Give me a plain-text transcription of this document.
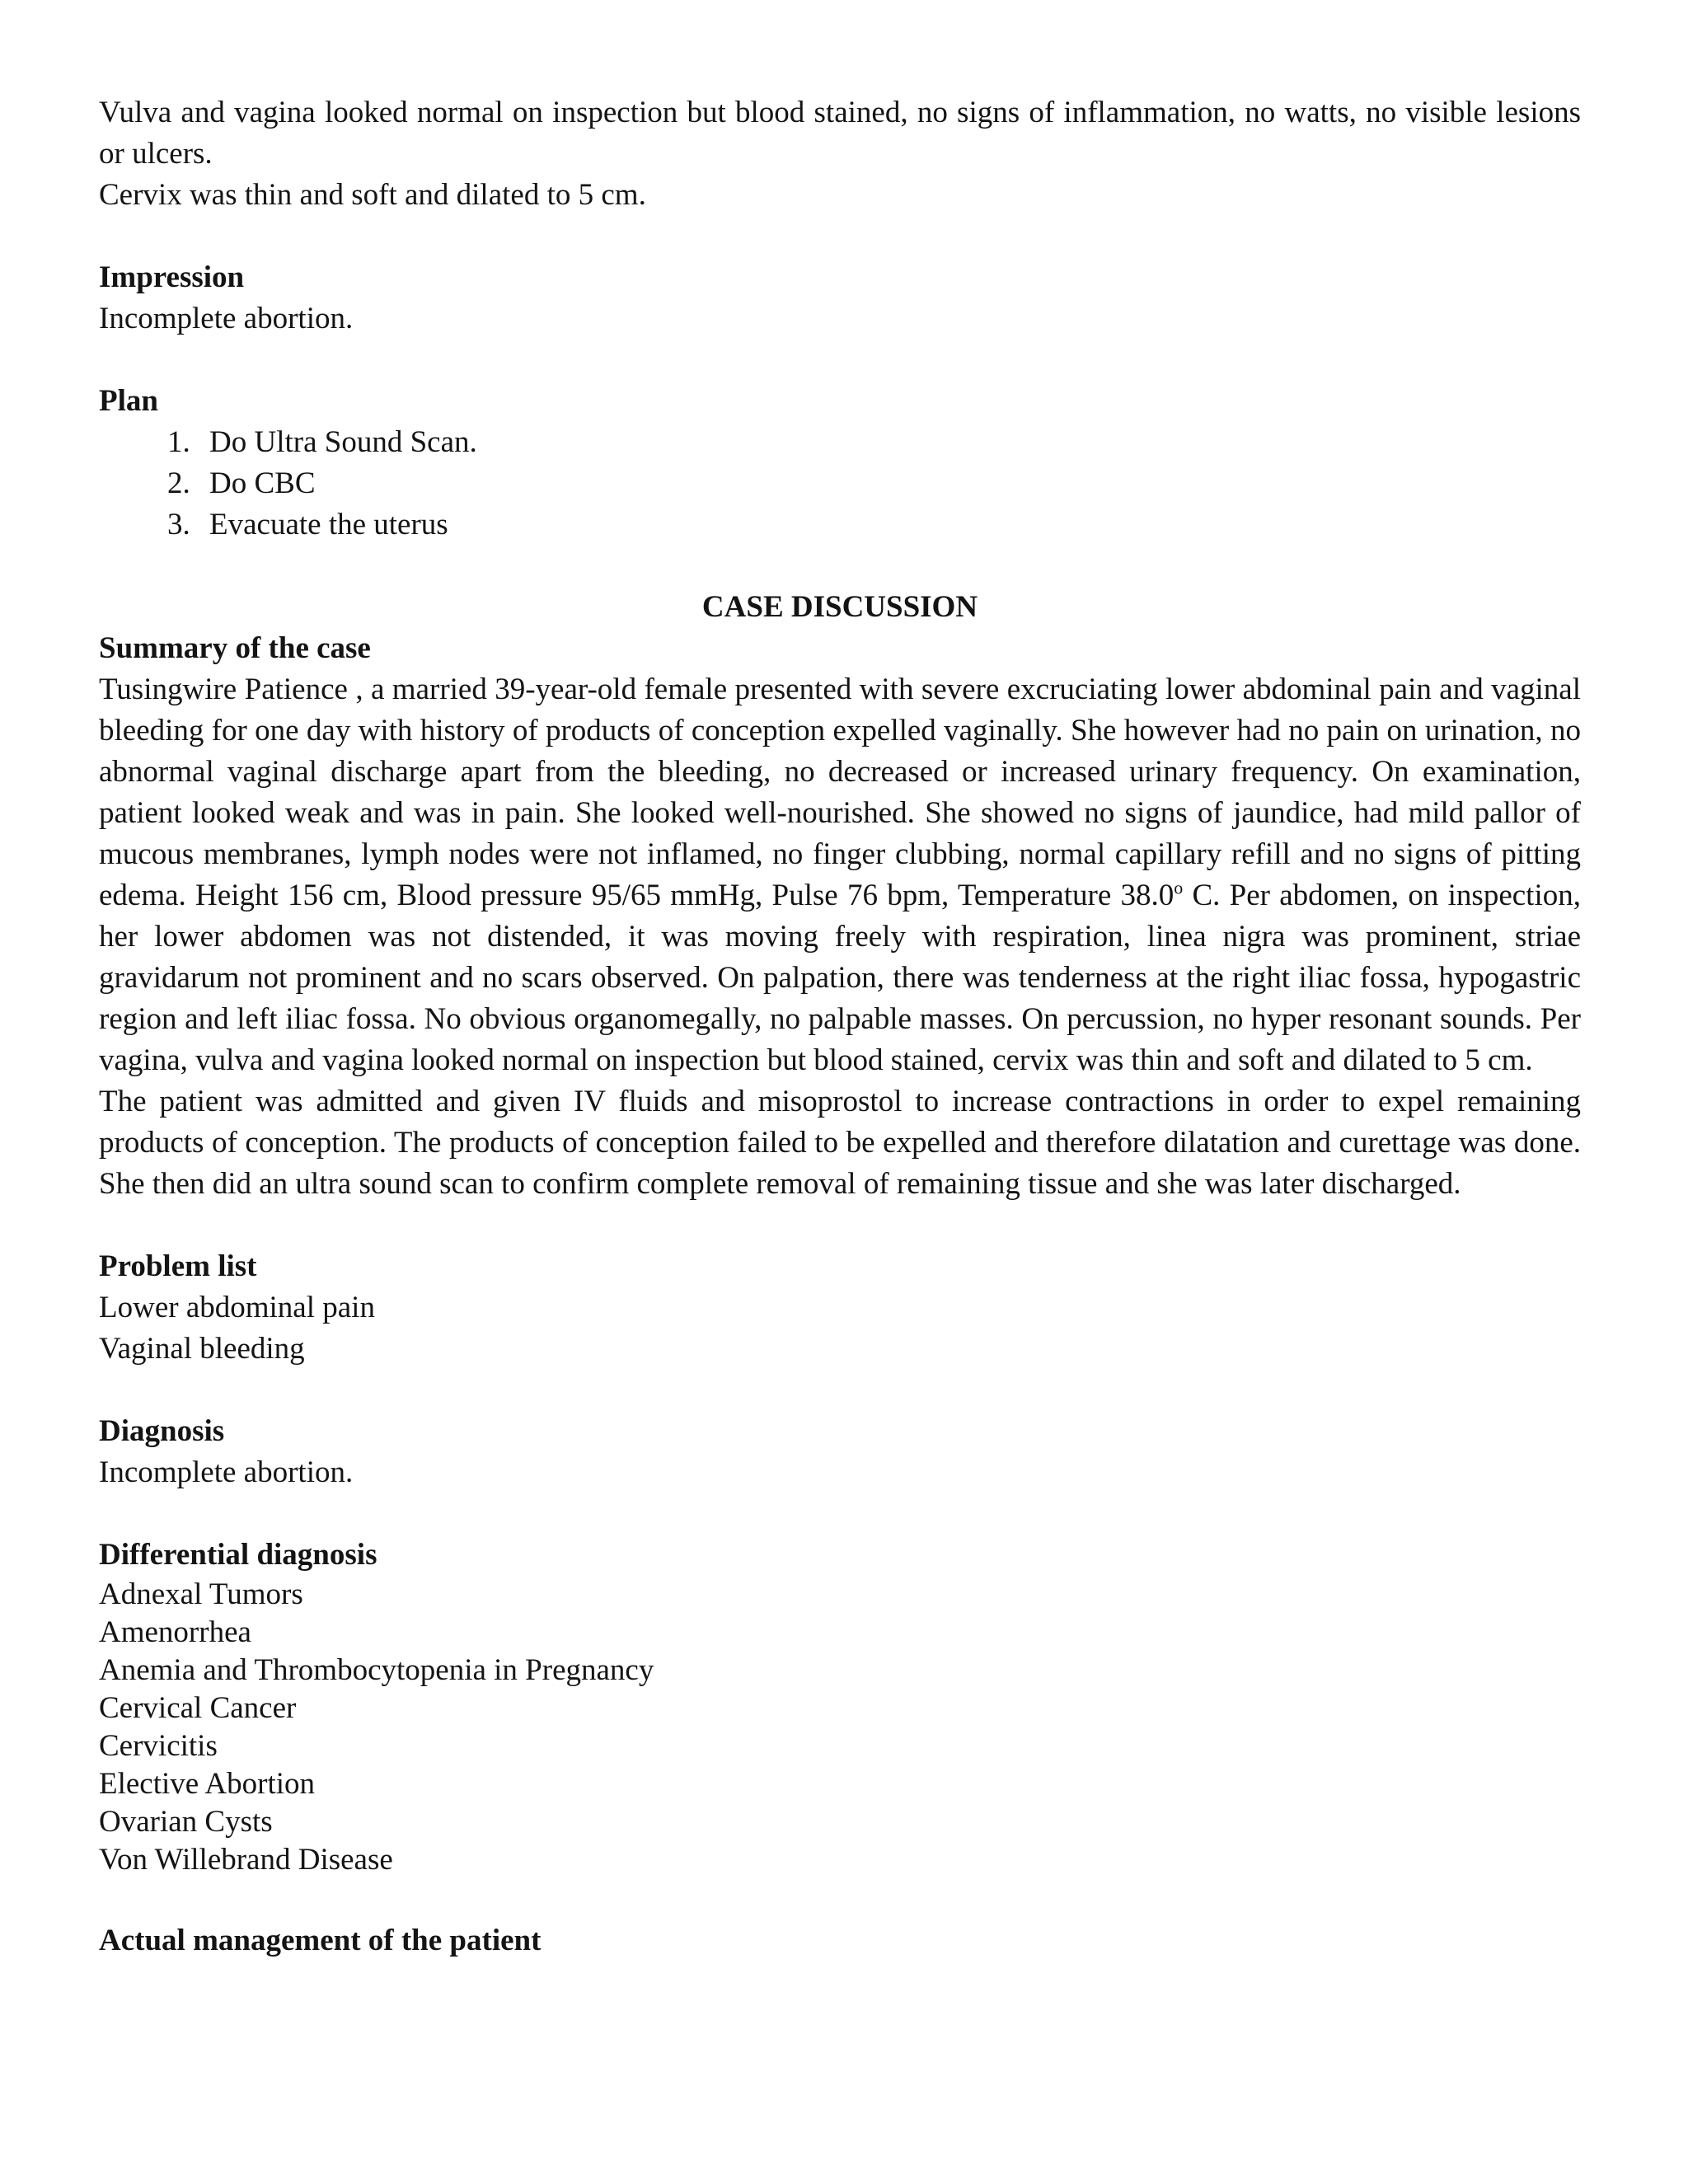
Vulva and vagina looked normal on inspection but blood stained, no signs of inflammation, no watts, no visible lesions or ulcers.

Cervix was thin and soft and dilated to 5 cm.

Impression
Incomplete abortion.
Plan
1. Do Ultra Sound Scan.
2. Do CBC
3. Evacuate the uterus
CASE DISCUSSION
Summary of the case

Tusingwire Patience , a married 39-year-old female presented with severe excruciating lower abdominal pain and vaginal bleeding for one day with history of products of conception expelled vaginally. She however had no pain on urination, no abnormal vaginal discharge apart from the bleeding, no decreased or increased urinary frequency. On examination, patient looked weak and was in pain. She looked well-nourished. She showed no signs of jaundice, had mild pallor of mucous membranes, lymph nodes were not inflamed, no finger clubbing, normal capillary refill and no signs of pitting edema. Height 156 cm, Blood pressure 95/65 mmHg, Pulse 76 bpm, Temperature 38.0$^o$ C. Per abdomen, on inspection, her lower abdomen was not distended, it was moving freely with respiration, linea nigra was prominent, striae gravidarum not prominent and no scars observed. On palpation, there was tenderness at the right iliac fossa, hypogastric region and left iliac fossa. No obvious organomegally, no palpable masses. On percussion, no hyper resonant sounds. Per vagina, vulva and vagina looked normal on inspection but blood stained, cervix was thin and soft and dilated to 5 cm.

The patient was admitted and given IV fluids and misoprostol to increase contractions in order to expel remaining products of conception. The products of conception failed to be expelled and therefore dilatation and curettage was done. She then did an ultra sound scan to confirm complete removal of remaining tissue and she was later discharged.

Problem list
Lower abdominal pain
Vaginal bleeding
Diagnosis
Incomplete abortion.
Differential diagnosis
Adnexal Tumors
Amenorrhea
Anemia and Thrombocytopenia in Pregnancy
Cervical Cancer
Cervicitis
Elective Abortion
Ovarian Cysts
Von Willebrand Disease
Actual management of the patient
